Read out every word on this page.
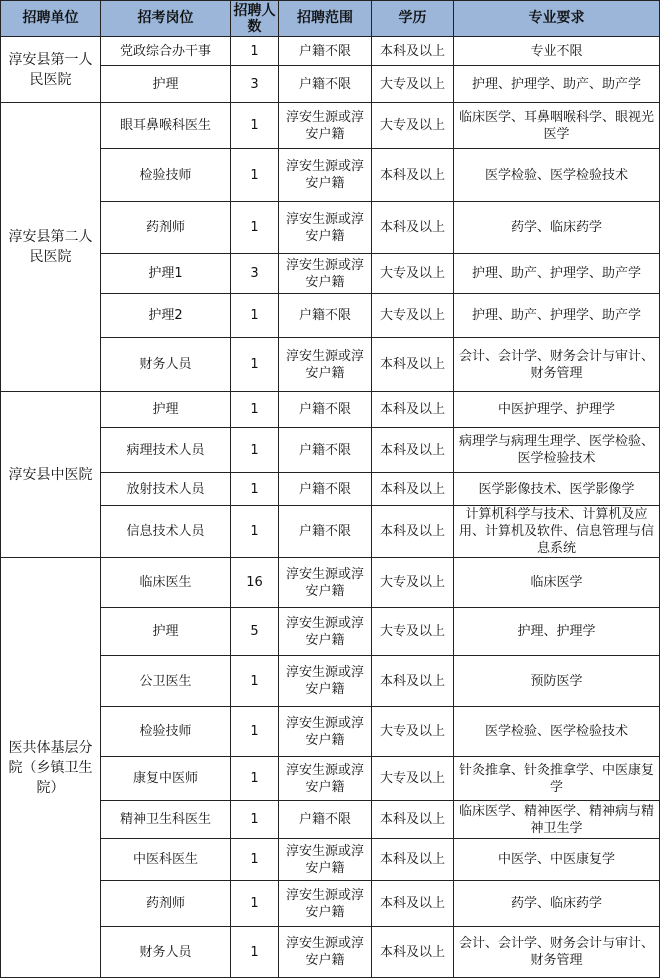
招聘单位	招考岗位	招聘人数	招聘范围	学历	专业要求
淳安县第一人民医院	党政综合办干事	1	户籍不限	本科及以上	专业不限
	护理	3	户籍不限	大专及以上	护理、护理学、助产、助产学
淳安县第二人民医院	眼耳鼻喉科医生	1	淳安生源或淳安户籍	大专及以上	临床医学、耳鼻咽喉科学、眼视光医学
	检验技师	1	淳安生源或淳安户籍	本科及以上	医学检验、医学检验技术
	药剂师	1	淳安生源或淳安户籍	本科及以上	药学、临床药学
	护理1	3	淳安生源或淳安户籍	大专及以上	护理、助产、护理学、助产学
	护理2	1	户籍不限	大专及以上	护理、助产、护理学、助产学
	财务人员	1	淳安生源或淳安户籍	本科及以上	会计、会计学、财务会计与审计、财务管理
淳安县中医院	护理	1	户籍不限	本科及以上	中医护理学、护理学
	病理技术人员	1	户籍不限	本科及以上	病理学与病理生理学、医学检验、医学检验技术
	放射技术人员	1	户籍不限	本科及以上	医学影像技术、医学影像学
	信息技术人员	1	户籍不限	本科及以上	计算机科学与技术、计算机及应用、计算机及软件、信息管理与信息系统
医共体基层分院（乡镇卫生院）	临床医生	16	淳安生源或淳安户籍	大专及以上	临床医学
	护理	5	淳安生源或淳安户籍	大专及以上	护理、护理学
	公卫医生	1	淳安生源或淳安户籍	本科及以上	预防医学
	检验技师	1	淳安生源或淳安户籍	大专及以上	医学检验、医学检验技术
	康复中医师	1	淳安生源或淳安户籍	大专及以上	针灸推拿、针灸推拿学、中医康复学
	精神卫生科医生	1	户籍不限	本科及以上	临床医学、精神医学、精神病与精神卫生学
	中医科医生	1	淳安生源或淳安户籍	本科及以上	中医学、中医康复学
	药剂师	1	淳安生源或淳安户籍	本科及以上	药学、临床药学
	财务人员	1	淳安生源或淳安户籍	本科及以上	会计、会计学、财务会计与审计、财务管理
